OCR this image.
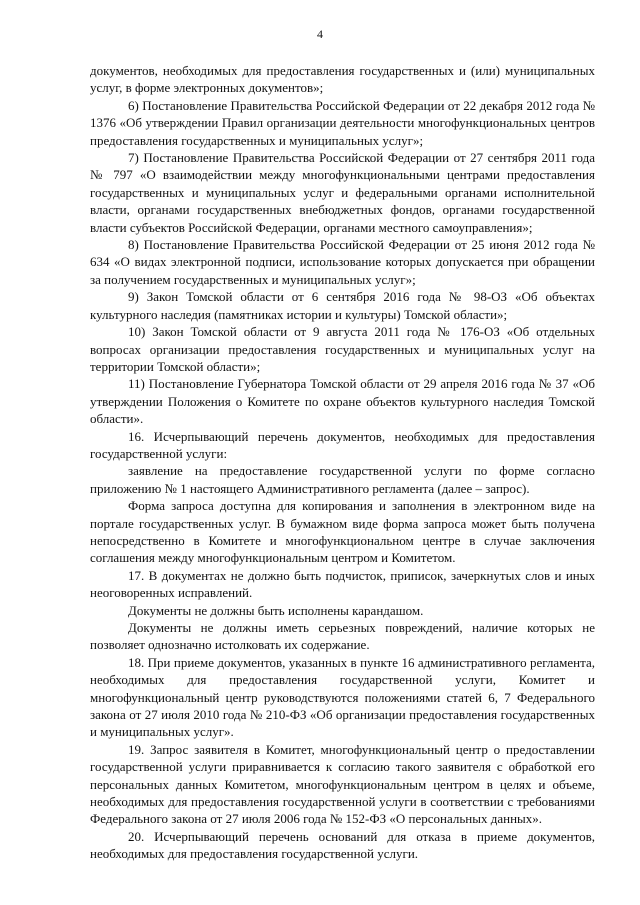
4

документов, необходимых для предоставления государственных и (или) муниципальных услуг, в форме электронных документов»;

6) Постановление Правительства Российской Федерации от 22 декабря 2012 года № 1376 «Об утверждении Правил организации деятельности многофункциональных центров предоставления государственных и муниципальных услуг»;

7) Постановление Правительства Российской Федерации от 27 сентября 2011 года № 797 «О взаимодействии между многофункциональными центрами предоставления государственных и муниципальных услуг и федеральными органами исполнительной власти, органами государственных внебюджетных фондов, органами государственной власти субъектов Российской Федерации, органами местного самоуправления»;

8) Постановление Правительства Российской Федерации от 25 июня 2012 года № 634 «О видах электронной подписи, использование которых допускается при обращении за получением государственных и муниципальных услуг»;

9) Закон Томской области от 6 сентября 2016 года № 98-ОЗ «Об объектах культурного наследия (памятниках истории и культуры) Томской области»;

10) Закон Томской области от 9 августа 2011 года № 176-ОЗ «Об отдельных вопросах организации предоставления государственных и муниципальных услуг на территории Томской области»;

11) Постановление Губернатора Томской области от 29 апреля 2016 года № 37 «Об утверждении Положения о Комитете по охране объектов культурного наследия Томской области».

16. Исчерпывающий перечень документов, необходимых для предоставления государственной услуги:

заявление на предоставление государственной услуги по форме согласно приложению № 1 настоящего Административного регламента (далее – запрос).

Форма запроса доступна для копирования и заполнения в электронном виде на портале государственных услуг. В бумажном виде форма запроса может быть получена непосредственно в Комитете и многофункциональном центре в случае заключения соглашения между многофункциональным центром и Комитетом.

17. В документах не должно быть подчисток, приписок, зачеркнутых слов и иных неоговоренных исправлений.

Документы не должны быть исполнены карандашом.

Документы не должны иметь серьезных повреждений, наличие которых не позволяет однозначно истолковать их содержание.

18. При приеме документов, указанных в пункте 16 административного регламента, необходимых для предоставления государственной услуги, Комитет и многофункциональный центр руководствуются положениями статей 6, 7 Федерального закона от 27 июля 2010 года № 210-ФЗ «Об организации предоставления государственных и муниципальных услуг».

19. Запрос заявителя в Комитет, многофункциональный центр о предоставлении государственной услуги приравнивается к согласию такого заявителя с обработкой его персональных данных Комитетом, многофункциональным центром в целях и объеме, необходимых для предоставления государственной услуги в соответствии с требованиями Федерального закона от 27 июля 2006 года № 152-ФЗ «О персональных данных».

20. Исчерпывающий перечень оснований для отказа в приеме документов, необходимых для предоставления государственной услуги.
